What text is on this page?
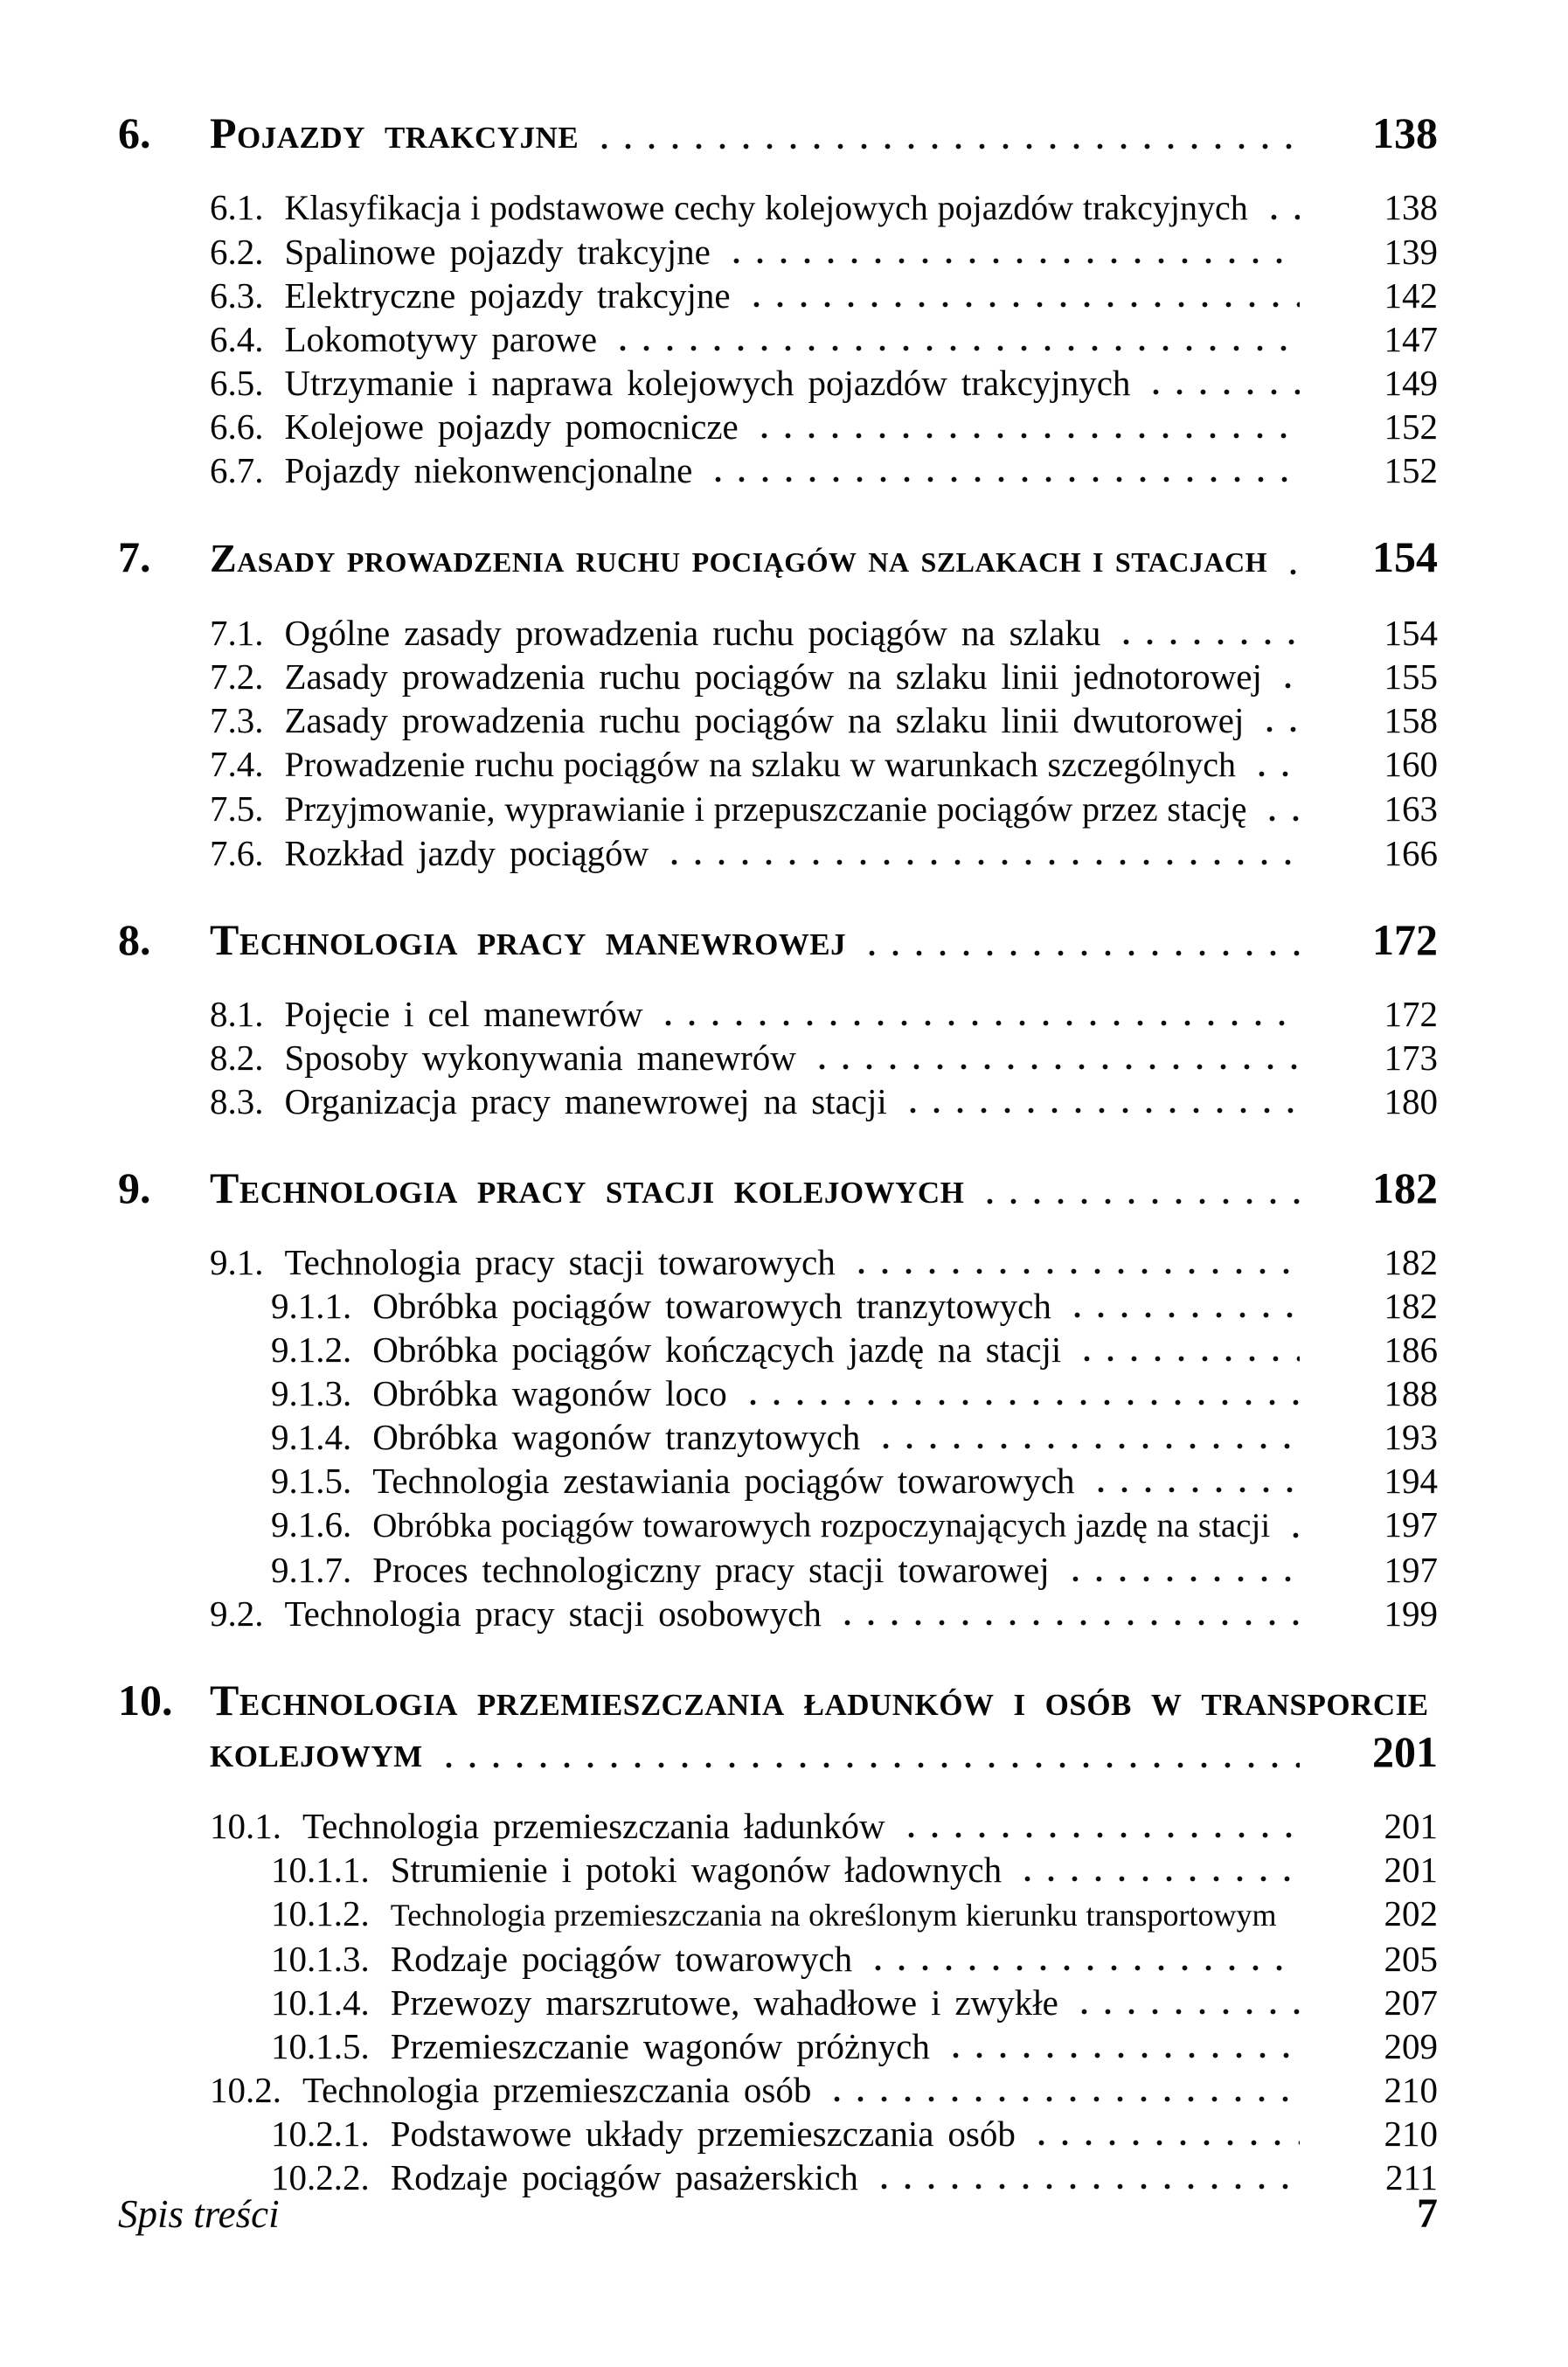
6.	Pojazdy trakcyjne	138
6.1. Klasyfikacja i podstawowe cechy kolejowych pojazdów trakcyjnych	138
6.2. Spalinowe pojazdy trakcyjne	139
6.3. Elektryczne pojazdy trakcyjne	142
6.4. Lokomotywy parowe	147
6.5. Utrzymanie i naprawa kolejowych pojazdów trakcyjnych	149
6.6. Kolejowe pojazdy pomocnicze	152
6.7. Pojazdy niekonwencjonalne	152
7.	Zasady prowadzenia ruchu pociągów na szlakach i stacjach	154
7.1. Ogólne zasady prowadzenia ruchu pociągów na szlaku	154
7.2. Zasady prowadzenia ruchu pociągów na szlaku linii jednotorowej	155
7.3. Zasady prowadzenia ruchu pociągów na szlaku linii dwutorowej	158
7.4. Prowadzenie ruchu pociągów na szlaku w warunkach szczególnych	160
7.5. Przyjmowanie, wyprawianie i przepuszczanie pociągów przez stację	163
7.6. Rozkład jazdy pociągów	166
8.	Technologia pracy manewrowej	172
8.1. Pojęcie i cel manewrów	172
8.2. Sposoby wykonywania manewrów	173
8.3. Organizacja pracy manewrowej na stacji	180
9.	Technologia pracy stacji kolejowych	182
9.1. Technologia pracy stacji towarowych	182
9.1.1. Obróbka pociągów towarowych tranzytowych	182
9.1.2. Obróbka pociągów kończących jazdę na stacji	186
9.1.3. Obróbka wagonów loco	188
9.1.4. Obróbka wagonów tranzytowych	193
9.1.5. Technologia zestawiania pociągów towarowych	194
9.1.6. Obróbka pociągów towarowych rozpoczynających jazdę na stacji	197
9.1.7. Proces technologiczny pracy stacji towarowej	197
9.2. Technologia pracy stacji osobowych	199
10. Technologia przemieszczania ładunków i osób w transporcie
kolejowym	201
10.1. Technologia przemieszczania ładunków	201
10.1.1. Strumienie i potoki wagonów ładownych	201
10.1.2. Technologia przemieszczania na określonym kierunku transportowym	202
10.1.3. Rodzaje pociągów towarowych	205
10.1.4. Przewozy marszrutowe, wahadłowe i zwykłe	207
10.1.5. Przemieszczanie wagonów próżnych	209
10.2. Technologia przemieszczania osób	210
10.2.1. Podstawowe układy przemieszczania osób	210
10.2.2. Rodzaje pociągów pasażerskich	211
Spis treści	7
